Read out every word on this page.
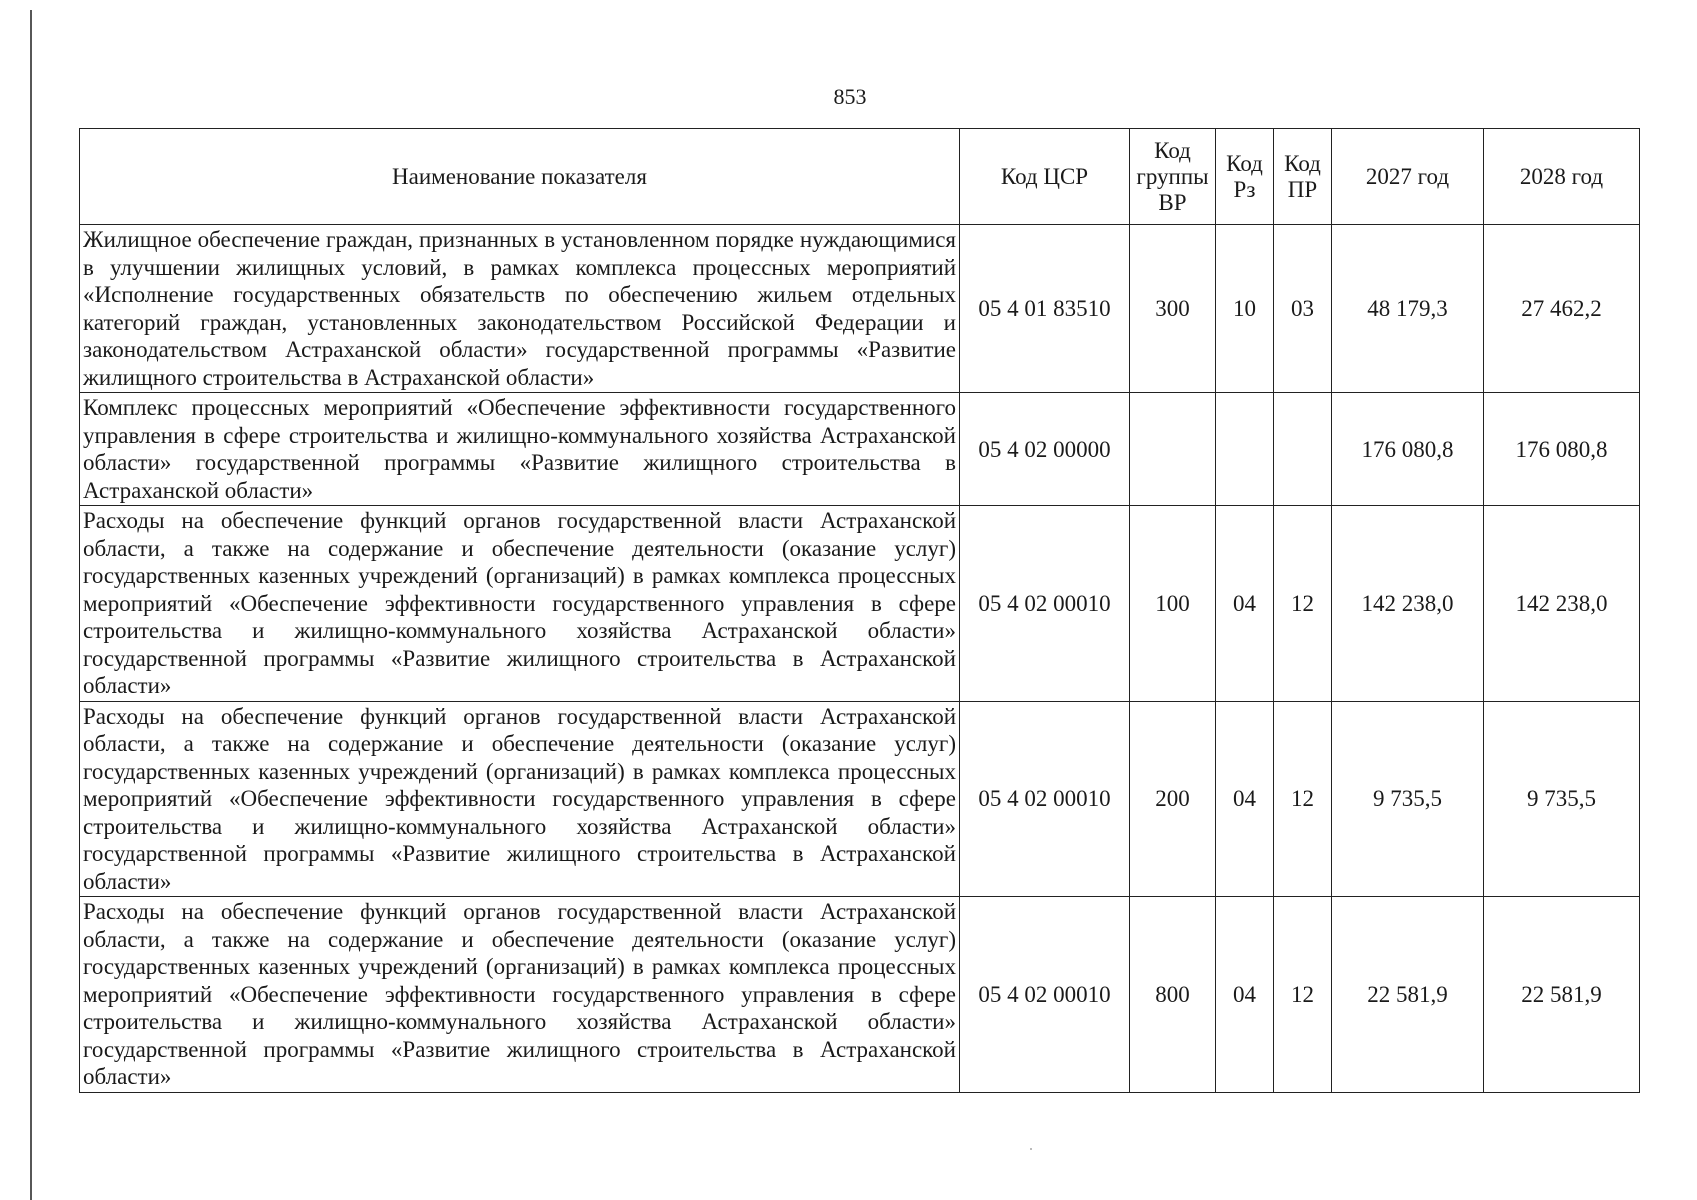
853
Наименование показателя	Код ЦСР	Код группы ВР	Код Рз	Код ПР	2027 год	2028 год
Жилищное обеспечение граждан, признанных в установленном порядке нуждающимися в улучшении жилищных условий, в рамках комплекса процессных мероприятий «Исполнение государственных обязательств по обеспечению жильем отдельных категорий граждан, установленных законодательством Российской Федерации и законодательством Астраханской области» государственной программы «Развитие жилищного строительства в Астраханской области»	05 4 01 83510	300	10	03	48 179,3	27 462,2
Комплекс процессных мероприятий «Обеспечение эффективности государственного управления в сфере строительства и жилищно-коммунального хозяйства Астраханской области» государственной программы «Развитие жилищного строительства в Астраханской области»	05 4 02 00000				176 080,8	176 080,8
Расходы на обеспечение функций органов государственной власти Астраханской области, а также на содержание и обеспечение деятельности (оказание услуг) государственных казенных учреждений (организаций) в рамках комплекса процессных мероприятий «Обеспечение эффективности государственного управления в сфере строительства и жилищно-коммунального хозяйства Астраханской области» государственной программы «Развитие жилищного строительства в Астраханской области»	05 4 02 00010	100	04	12	142 238,0	142 238,0
Расходы на обеспечение функций органов государственной власти Астраханской области, а также на содержание и обеспечение деятельности (оказание услуг) государственных казенных учреждений (организаций) в рамках комплекса процессных мероприятий «Обеспечение эффективности государственного управления в сфере строительства и жилищно-коммунального хозяйства Астраханской области» государственной программы «Развитие жилищного строительства в Астраханской области»	05 4 02 00010	200	04	12	9 735,5	9 735,5
Расходы на обеспечение функций органов государственной власти Астраханской области, а также на содержание и обеспечение деятельности (оказание услуг) государственных казенных учреждений (организаций) в рамках комплекса процессных мероприятий «Обеспечение эффективности государственного управления в сфере строительства и жилищно-коммунального хозяйства Астраханской области» государственной программы «Развитие жилищного строительства в Астраханской области»	05 4 02 00010	800	04	12	22 581,9	22 581,9
